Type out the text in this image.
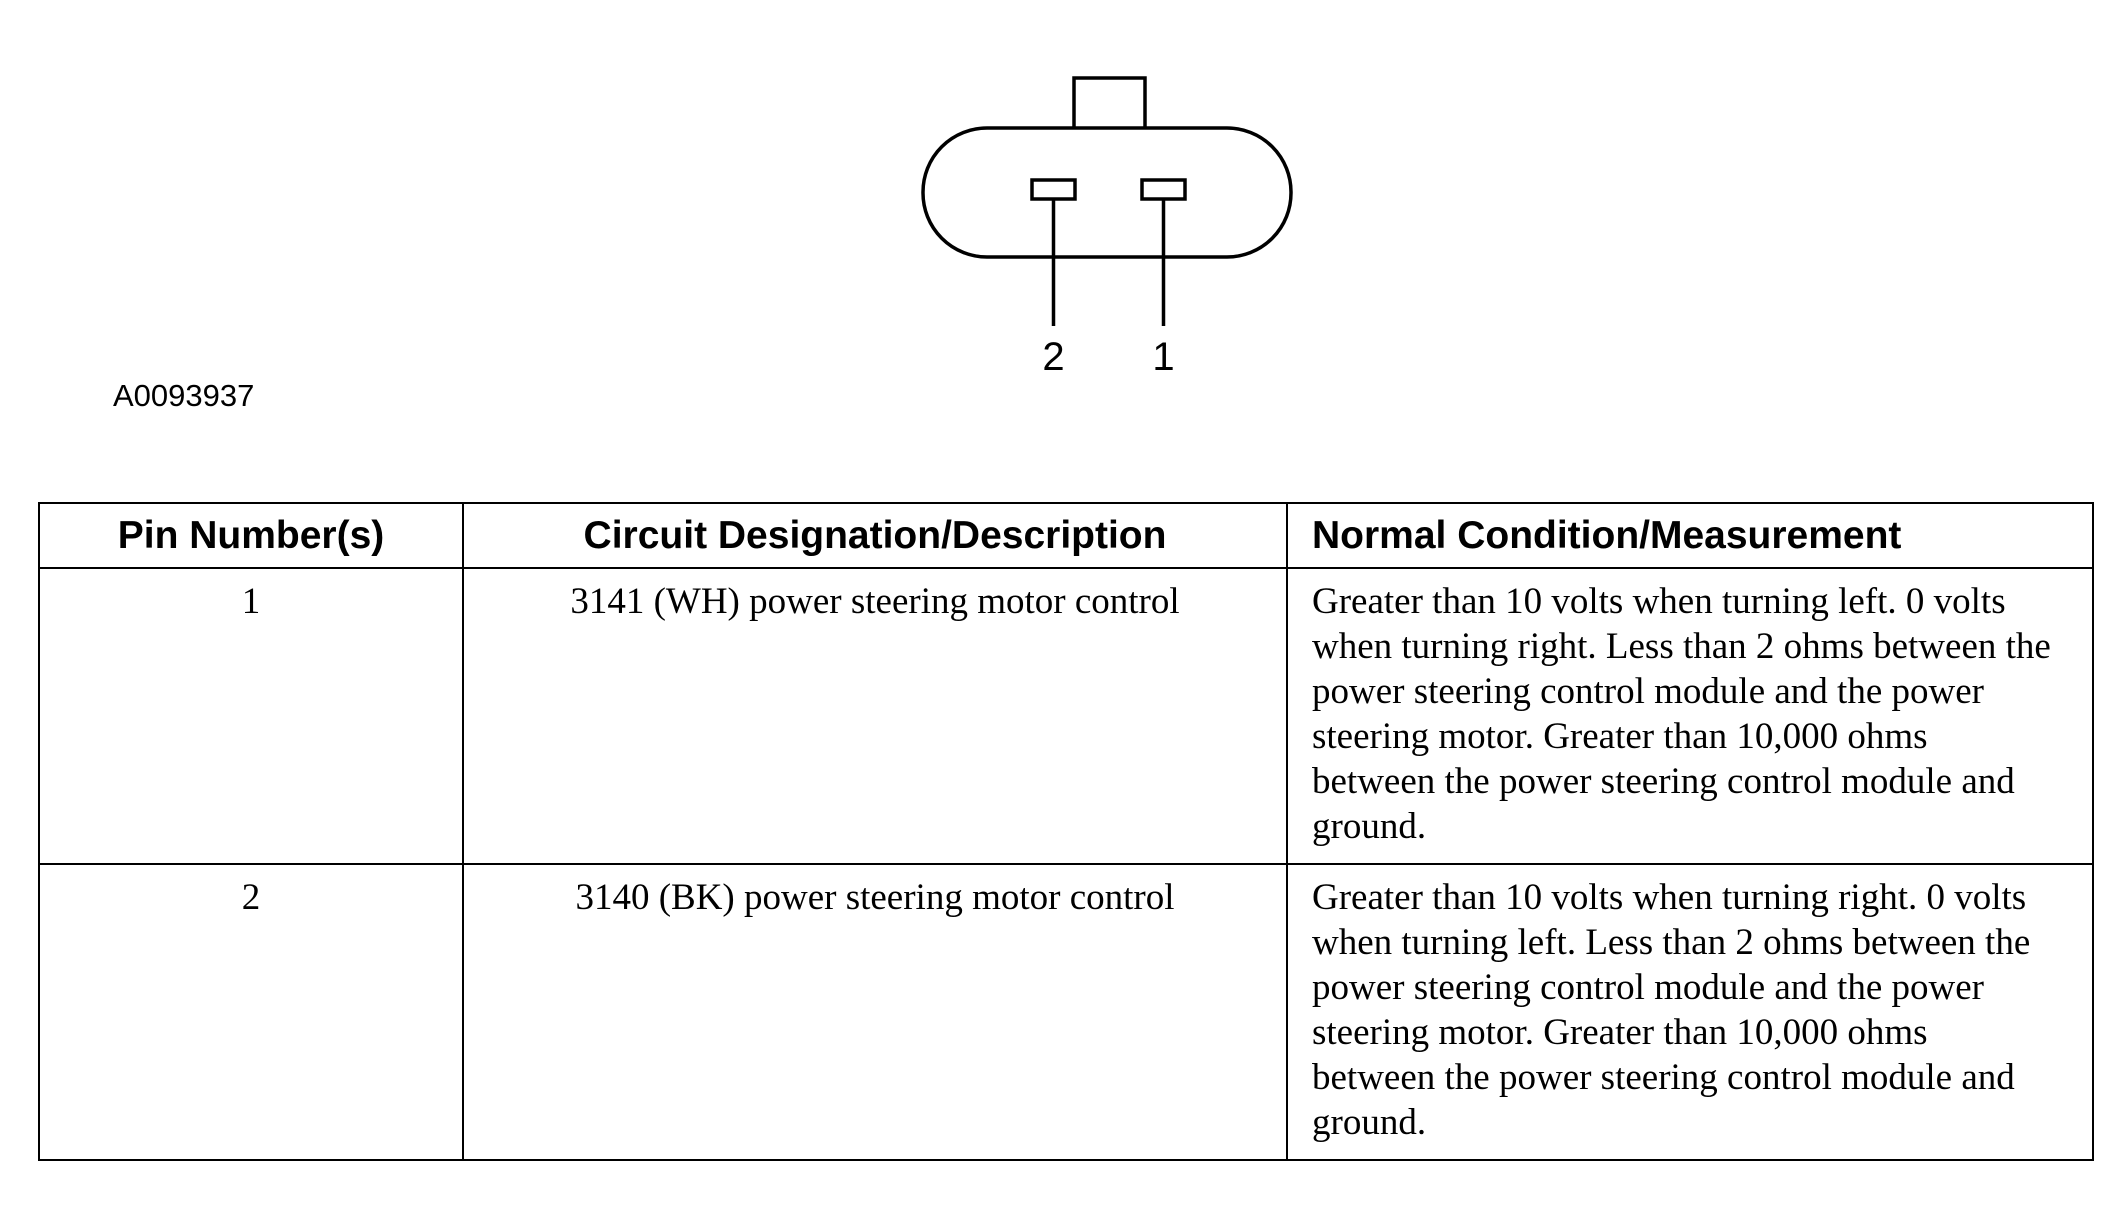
2 1
A0093937
Pin Number(s)	Circuit Designation/Description	Normal Condition/Measurement
1	3141 (WH) power steering motor control	Greater than 10 volts when turning left. 0 volts when turning right. Less than 2 ohms between the power steering control module and the power steering motor. Greater than 10,000 ohms between the power steering control module and ground.
2	3140 (BK) power steering motor control	Greater than 10 volts when turning right. 0 volts when turning left. Less than 2 ohms between the power steering control module and the power steering motor. Greater than 10,000 ohms between the power steering control module and ground.
